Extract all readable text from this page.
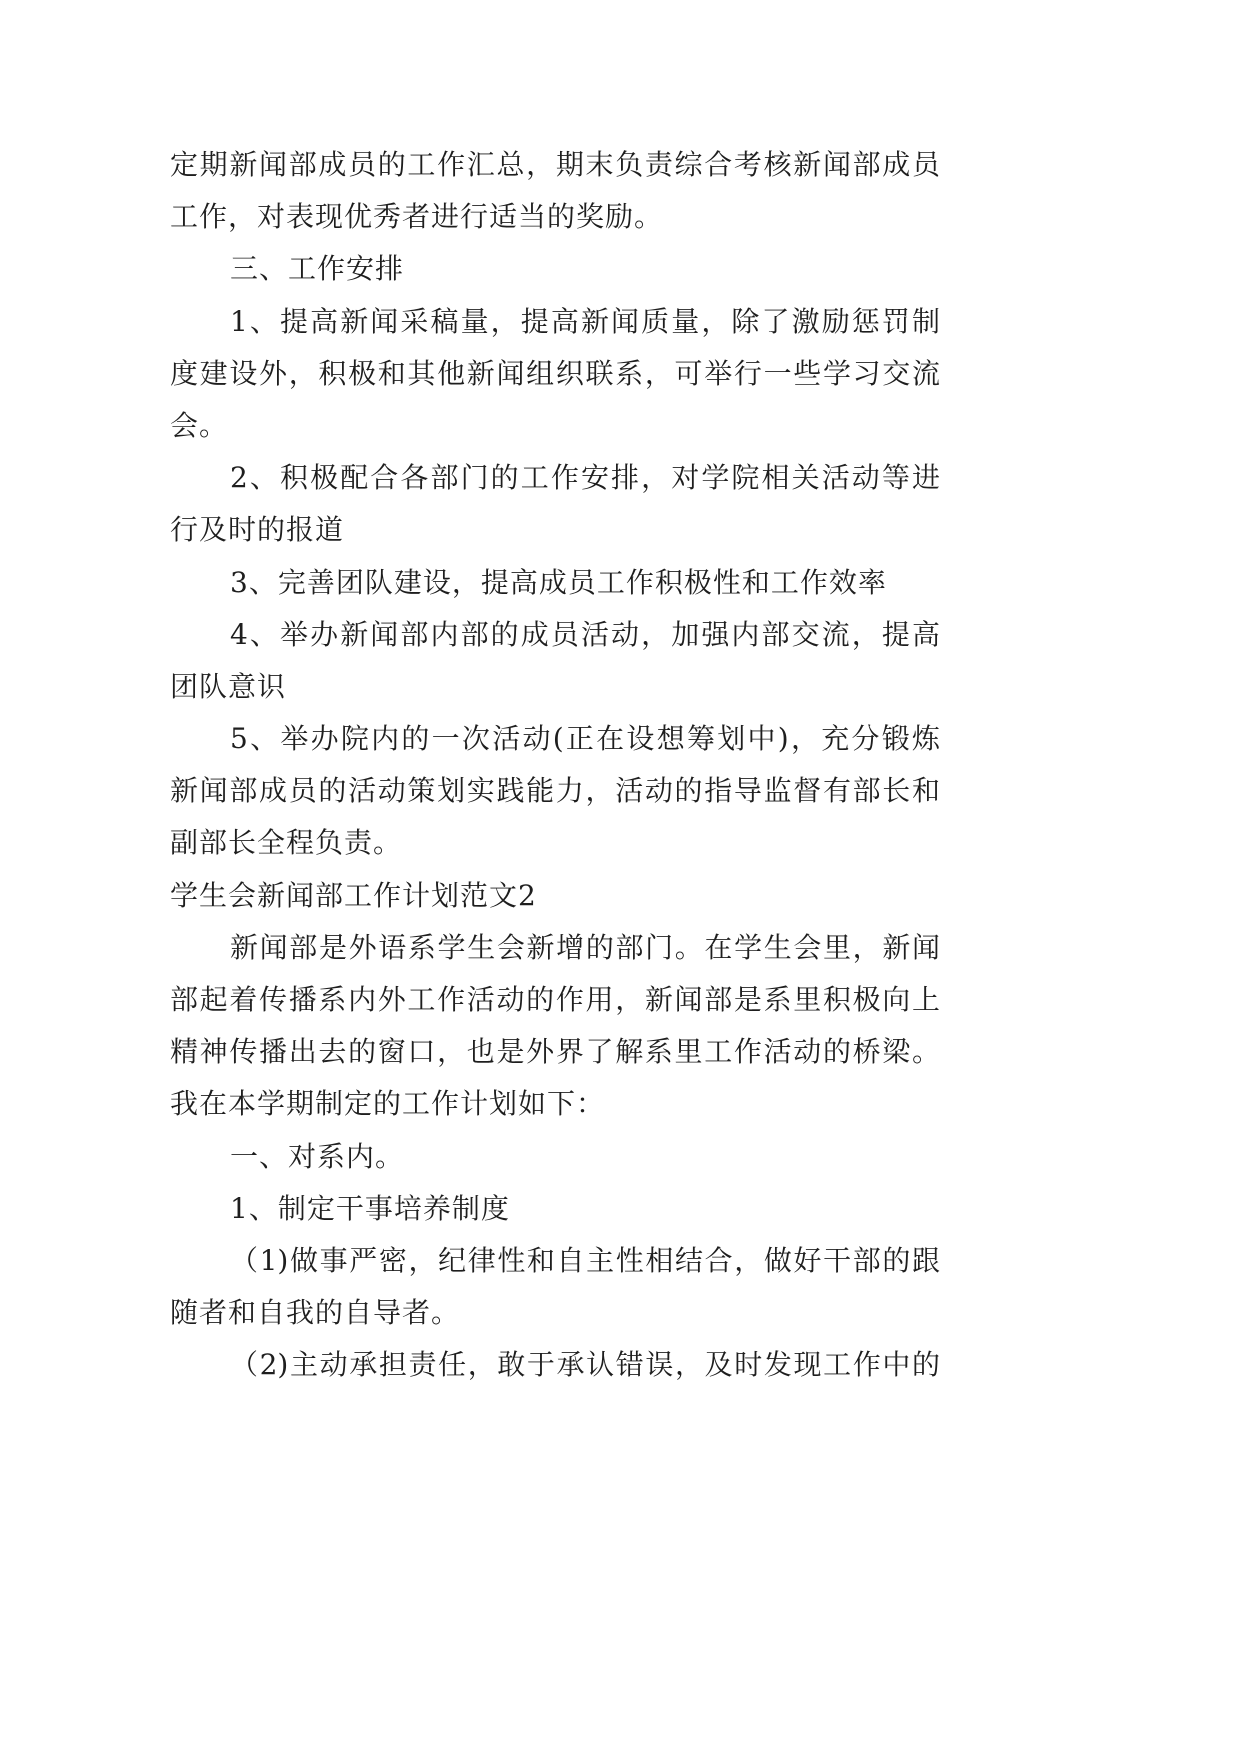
定期新闻部成员的工作汇总，期末负责综合考核新闻部成员
工作，对表现优秀者进行适当的奖励。
三、工作安排
1、提高新闻采稿量，提高新闻质量，除了激励惩罚制
度建设外，积极和其他新闻组织联系，可举行一些学习交流
会。
2、积极配合各部门的工作安排，对学院相关活动等进
行及时的报道
3、完善团队建设，提高成员工作积极性和工作效率
4、举办新闻部内部的成员活动，加强内部交流，提高
团队意识
5、举办院内的一次活动(正在设想筹划中)，充分锻炼
新闻部成员的活动策划实践能力，活动的指导监督有部长和
副部长全程负责。
学生会新闻部工作计划范文2
新闻部是外语系学生会新增的部门。在学生会里，新闻
部起着传播系内外工作活动的作用，新闻部是系里积极向上
精神传播出去的窗口，也是外界了解系里工作活动的桥梁。
我在本学期制定的工作计划如下：
一、对系内。
1、制定干事培养制度
（1)做事严密，纪律性和自主性相结合，做好干部的跟
随者和自我的自导者。
（2)主动承担责任，敢于承认错误，及时发现工作中的
